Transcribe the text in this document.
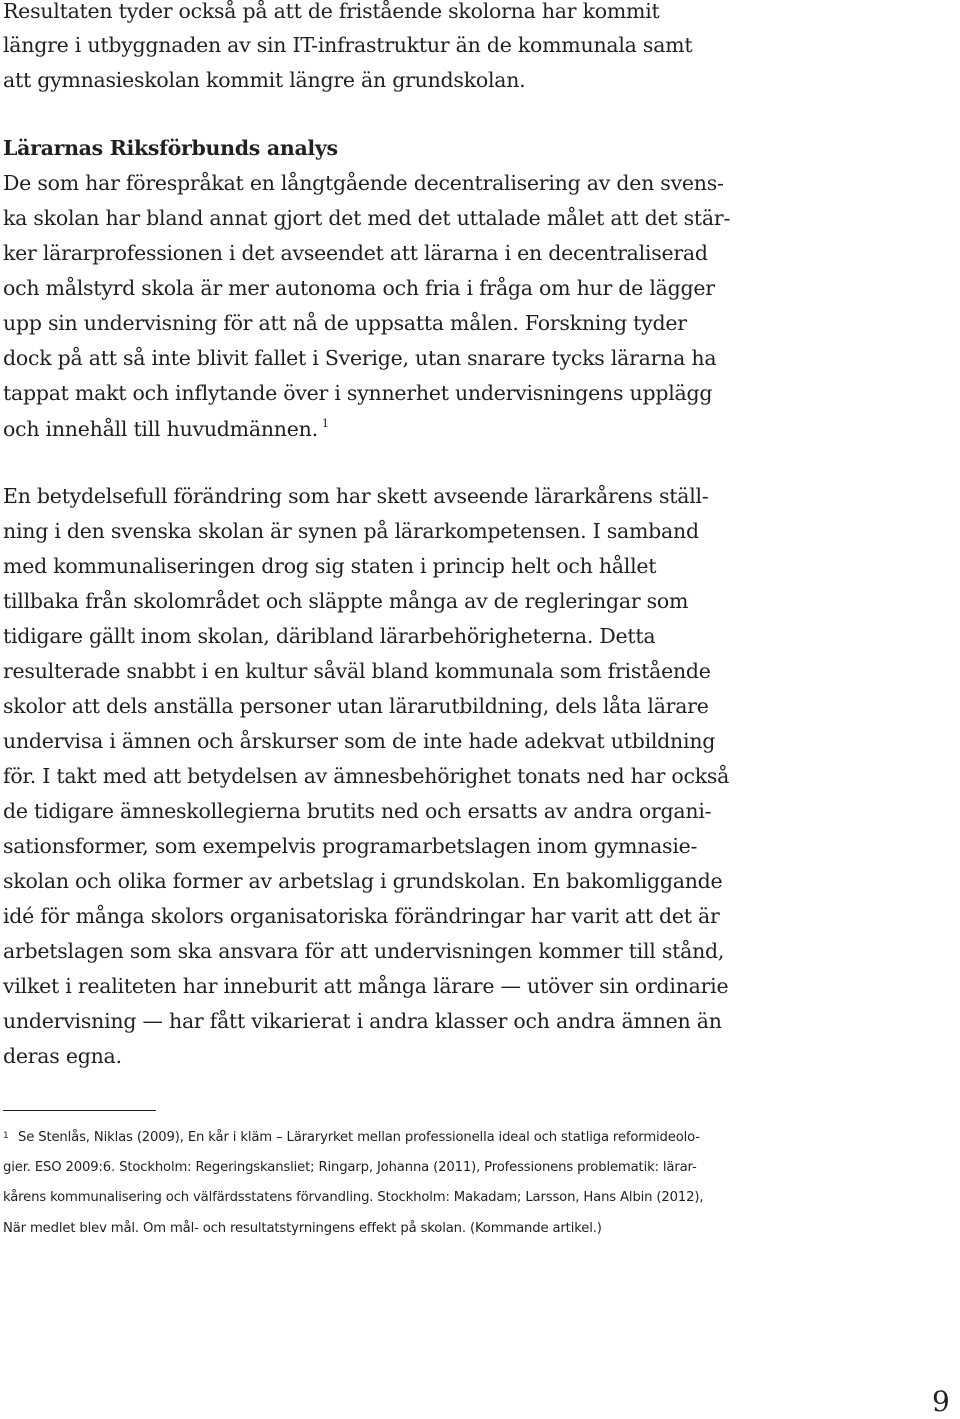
Resultaten tyder också på att de fristående skolorna har kommit
längre i utbyggnaden av sin IT-infrastruktur än de kommunala samt
att gymnasieskolan kommit längre än grundskolan.
Lärarnas Riksförbunds analys
De som har förespråkat en långtgående decentralisering av den svens-
ka skolan har bland annat gjort det med det uttalade målet att det stär-
ker lärarprofessionen i det avseendet att lärarna i en decentraliserad
och målstyrd skola är mer autonoma och fria i fråga om hur de lägger
upp sin undervisning för att nå de uppsatta målen. Forskning tyder
dock på att så inte blivit fallet i Sverige, utan snarare tycks lärarna ha
tappat makt och inflytande över i synnerhet undervisningens upplägg
och innehåll till huvudmännen. $^1$
En betydelsefull förändring som har skett avseende lärarkårens ställ-
ning i den svenska skolan är synen på lärarkompetensen. I samband
med kommunaliseringen drog sig staten i princip helt och hållet
tillbaka från skolområdet och släppte många av de regleringar som
tidigare gällt inom skolan, däribland lärarbehörigheterna. Detta
resulterade snabbt i en kultur såväl bland kommunala som fristående
skolor att dels anställa personer utan lärarutbildning, dels låta lärare
undervisa i ämnen och årskurser som de inte hade adekvat utbildning
för. I takt med att betydelsen av ämnesbehörighet tonats ned har också
de tidigare ämneskollegierna brutits ned och ersatts av andra organi-
sationsformer, som exempelvis programarbetslagen inom gymnasie-
skolan och olika former av arbetslag i grundskolan. En bakomliggande
idé för många skolors organisatoriska förändringar har varit att det är
arbetslagen som ska ansvara för att undervisningen kommer till stånd,
vilket i realiteten har inneburit att många lärare — utöver sin ordinarie
undervisning — har fått vikarierat i andra klasser och andra ämnen än
deras egna.
1 Se Stenlås, Niklas (2009), En kår i kläm – Läraryrket mellan professionella ideal och statliga reformideolo-
gier. ESO 2009:6. Stockholm: Regeringskansliet; Ringarp, Johanna (2011), Professionens problematik: lärar-
kårens kommunalisering och välfärdsstatens förvandling. Stockholm: Makadam; Larsson, Hans Albin (2012),
När medlet blev mål. Om mål- och resultatstyrningens effekt på skolan. (Kommande artikel.)
9
